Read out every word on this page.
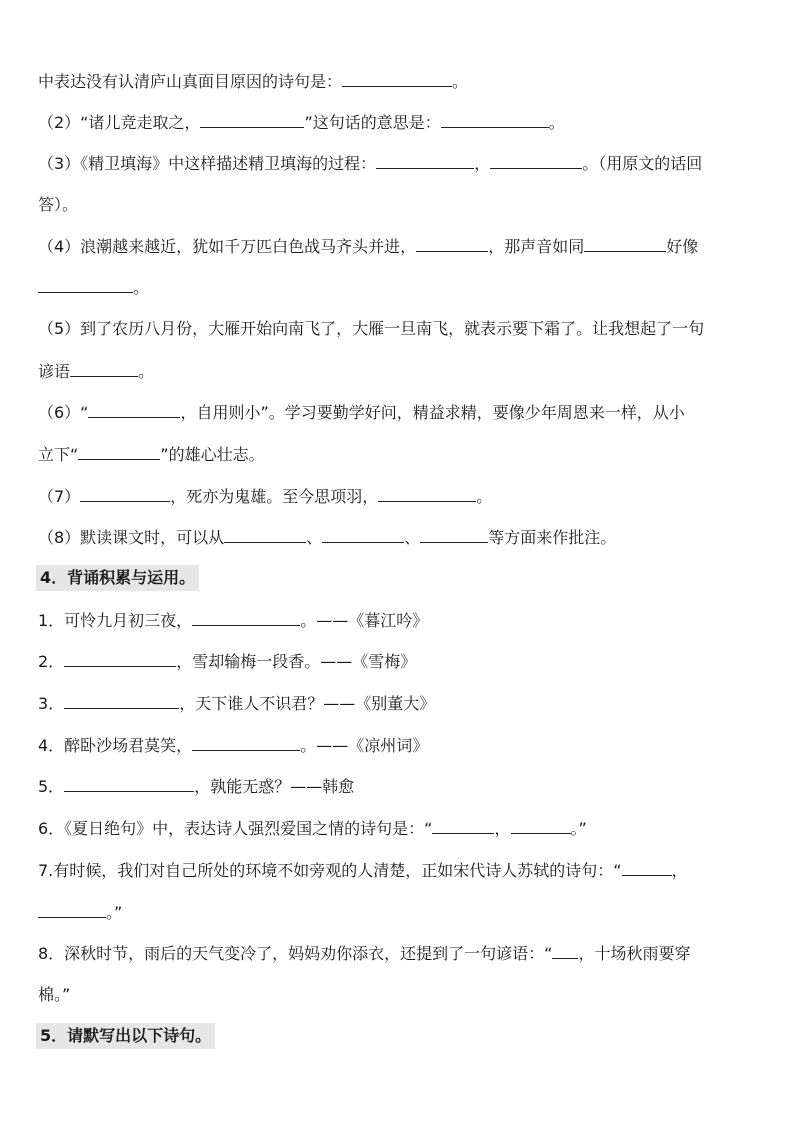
中表达没有认清庐山真面目原因的诗句是：	。
（2）“诸儿竞走取之，	”这句话的意思是：	。
（3）《精卫填海》中这样描述精卫填海的过程：	，	。（用原文的话回
答）。
（4）浪潮越来越近，犹如千万匹白色战马齐头并进，	，那声音如同	好像
。
（5）到了农历八月份，大雁开始向南飞了，大雁一旦南飞，就表示要下霜了。让我想起了一句
谚语	。
（6）“	，自用则小”。学习要勤学好问，精益求精，要像少年周恩来一样，从小
立下“	”的雄心壮志。
（7）	，死亦为鬼雄。至今思项羽，	。
（8）默读课文时，可以从	、	、	等方面来作批注。
4．背诵积累与运用。
1．可怜九月初三夜，	。——《暮江吟》
2．	，雪却输梅一段香。——《雪梅》
3．	，天下谁人不识君？——《别董大》
4．醉卧沙场君莫笑，	。——《凉州词》
5．	，孰能无惑？——韩愈
6．《夏日绝句》中，表达诗人强烈爱国之情的诗句是：“	，	。”
7.有时候，我们对自己所处的环境不如旁观的人清楚，正如宋代诗人苏轼的诗句：“	，
。”
8．深秋时节，雨后的天气变冷了，妈妈劝你添衣，还提到了一句谚语：“ ，十场秋雨要穿
棉。”
5．请默写出以下诗句。
